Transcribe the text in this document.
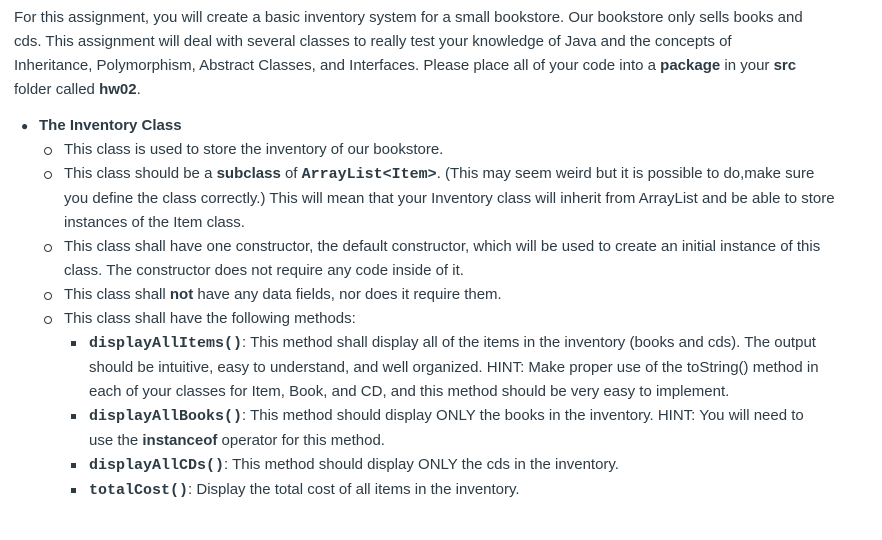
For this assignment, you will create a basic inventory system for a small bookstore. Our bookstore only sells books and cds. This assignment will deal with several classes to really test your knowledge of Java and the concepts of Inheritance, Polymorphism, Abstract Classes, and Interfaces. Please place all of your code into a package in your src folder called hw02.

● The Inventory Class
This class is used to store the inventory of our bookstore.
This class should be a subclass of ArrayList<Item>. (This may seem weird but it is possible to do,make sure you define the class correctly.) This will mean that your Inventory class will inherit from ArrayList and be able to store instances of the Item class.
This class shall have one constructor, the default constructor, which will be used to create an initial instance of this class. The constructor does not require any code inside of it.
This class shall not have any data fields, nor does it require them.
This class shall have the following methods:
displayAllItems(): This method shall display all of the items in the inventory (books and cds). The output should be intuitive, easy to understand, and well organized. HINT: Make proper use of the toString() method in each of your classes for Item, Book, and CD, and this method should be very easy to implement.
displayAllBooks(): This method should display ONLY the books in the inventory. HINT: You will need to use the instanceof operator for this method.
displayAllCDs(): This method should display ONLY the cds in the inventory.
totalCost(): Display the total cost of all items in the inventory.
